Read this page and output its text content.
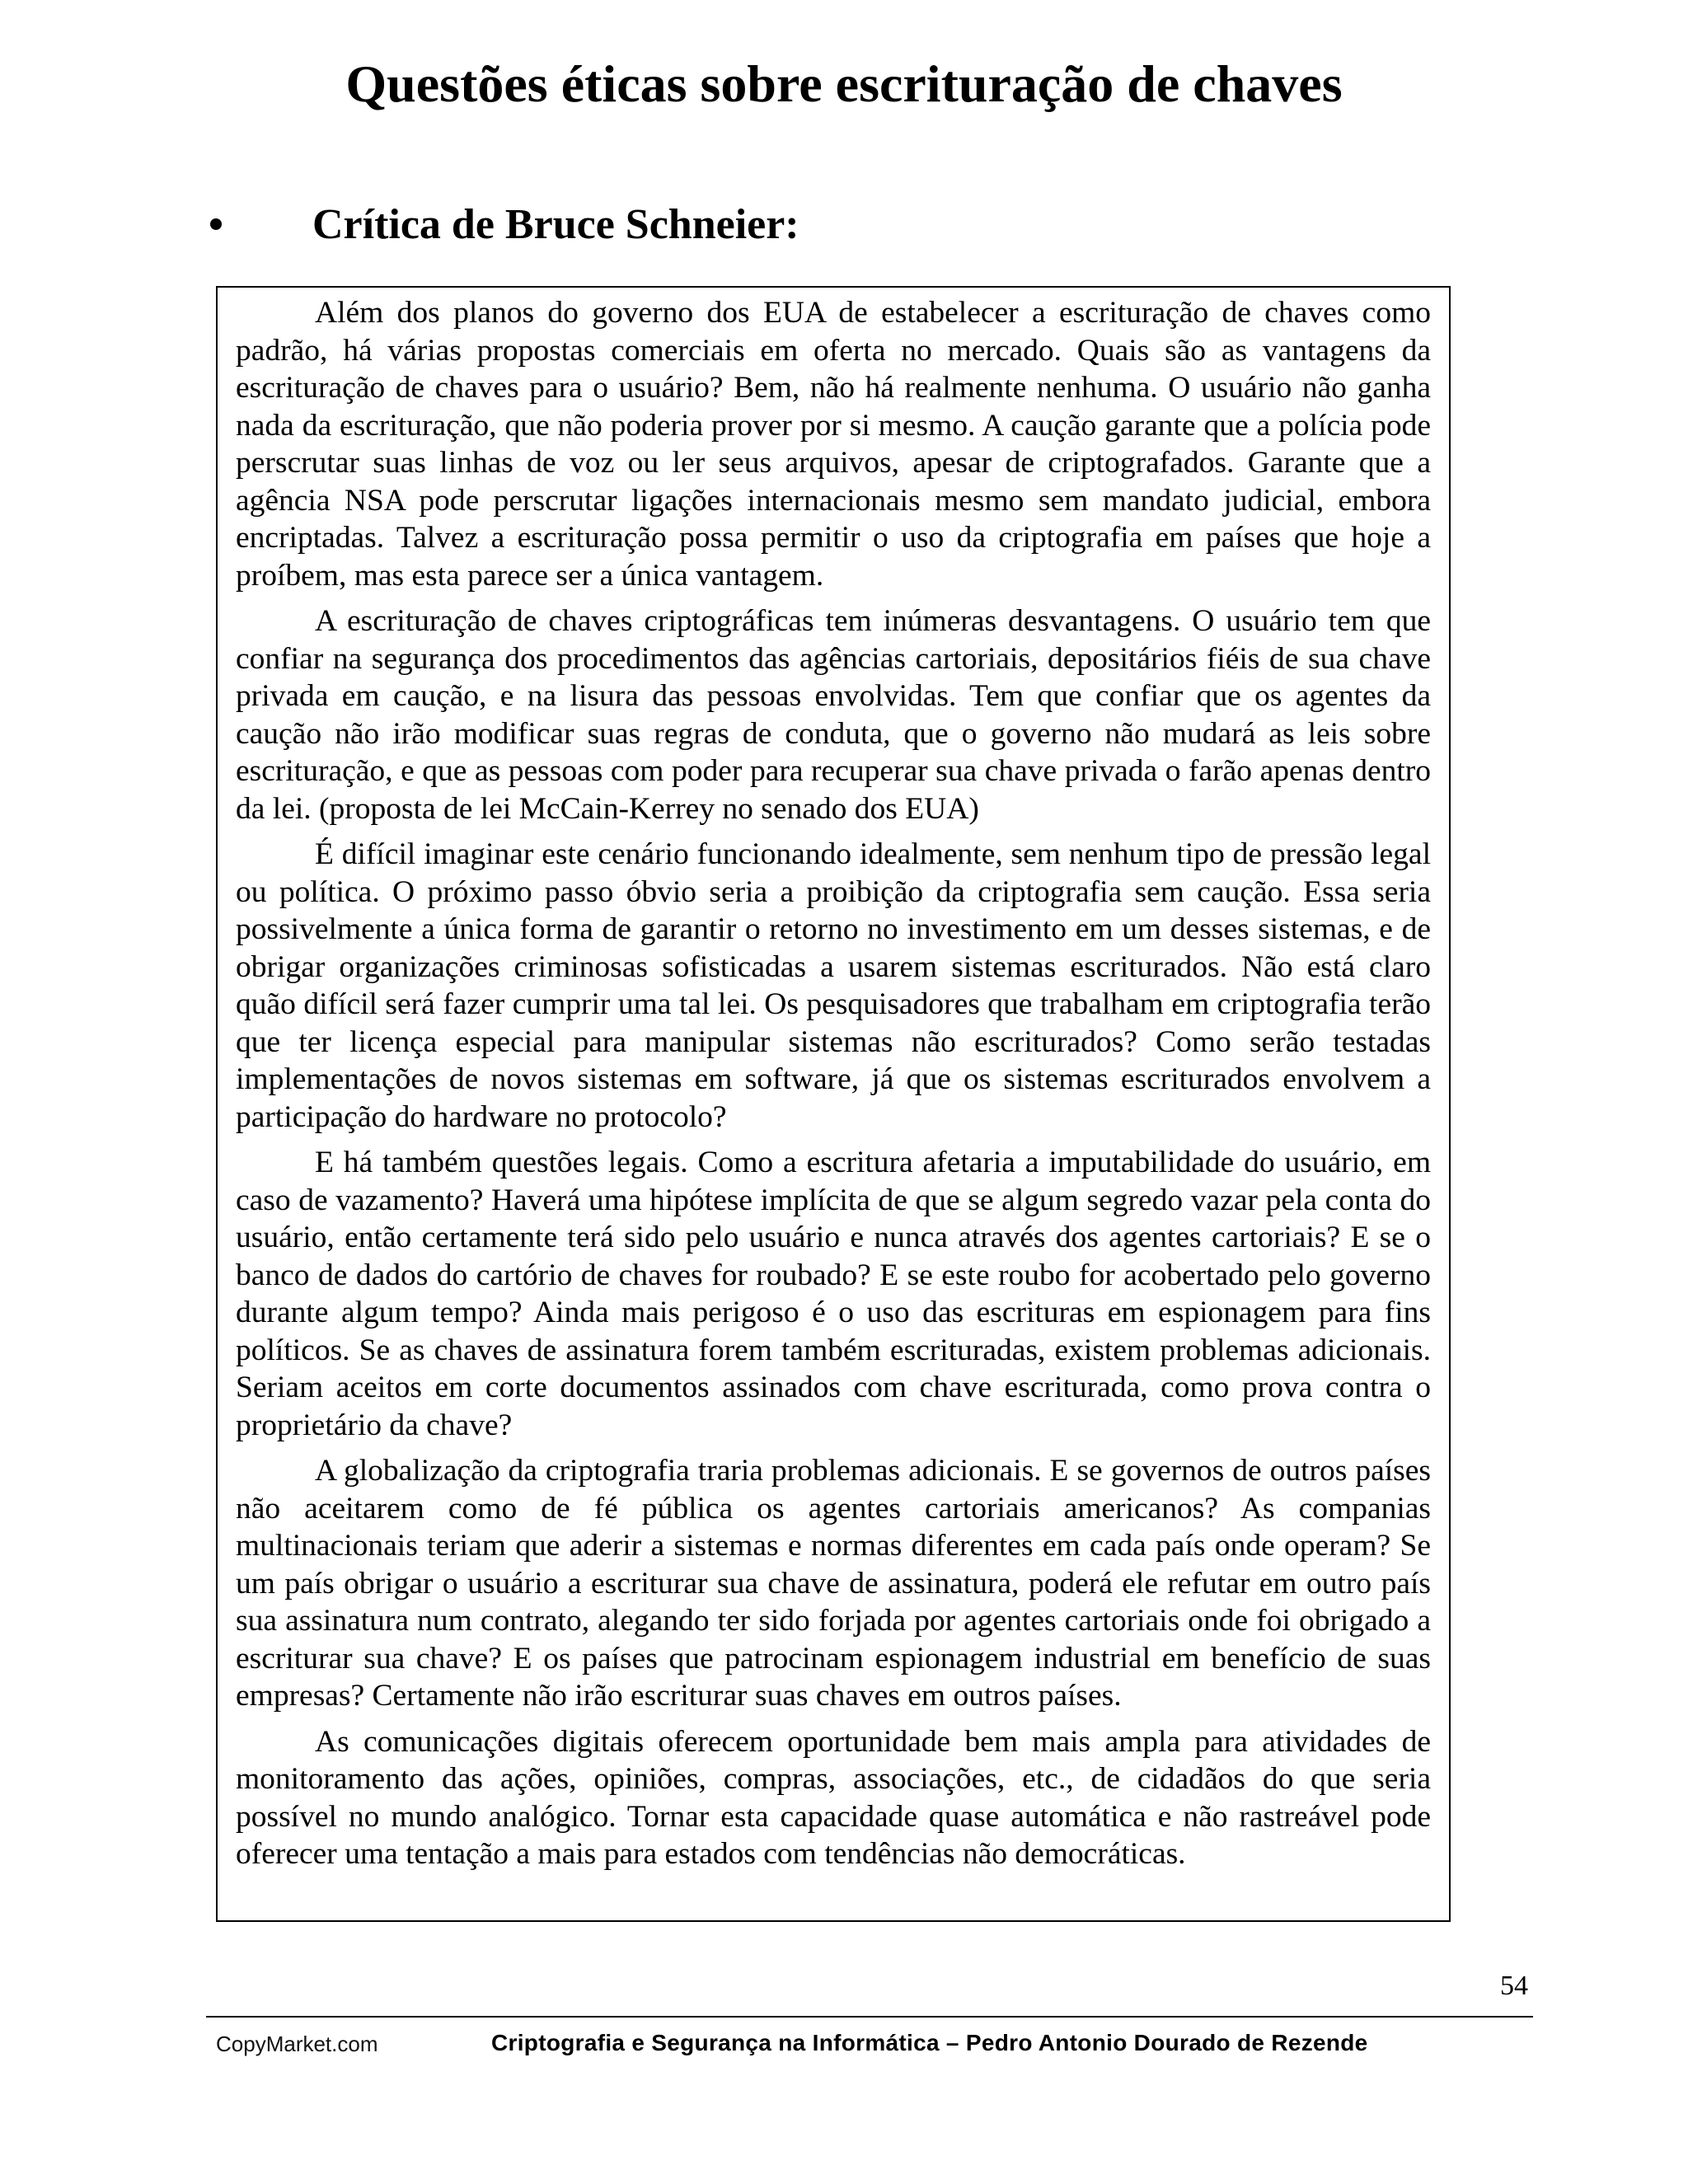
Questões éticas sobre escrituração de chaves
Crítica de Bruce Schneier:

Além dos planos do governo dos EUA de estabelecer a escrituração de chaves como padrão, há várias propostas comerciais em oferta no mercado. Quais são as vantagens da escrituração de chaves para o usuário? Bem, não há realmente nenhuma. O usuário não ganha nada da escrituração, que não poderia prover por si mesmo. A caução garante que a polícia pode perscrutar suas linhas de voz ou ler seus arquivos, apesar de criptografados. Garante que a agência NSA pode perscrutar ligações internacionais mesmo sem mandato judicial, embora encriptadas. Talvez a escrituração possa permitir o uso da criptografia em países que hoje a proíbem, mas esta parece ser a única vantagem.

A escrituração de chaves criptográficas tem inúmeras desvantagens. O usuário tem que confiar na segurança dos procedimentos das agências cartoriais, depositários fiéis de sua chave privada em caução, e na lisura das pessoas envolvidas. Tem que confiar que os agentes da caução não irão modificar suas regras de conduta, que o governo não mudará as leis sobre escrituração, e que as pessoas com poder para recuperar sua chave privada o farão apenas dentro da lei. (proposta de lei McCain-Kerrey no senado dos EUA)

É difícil imaginar este cenário funcionando idealmente, sem nenhum tipo de pressão legal ou política. O próximo passo óbvio seria a proibição da criptografia sem caução. Essa seria possivelmente a única forma de garantir o retorno no investimento em um desses sistemas, e de obrigar organizações criminosas sofisticadas a usarem sistemas escriturados. Não está claro quão difícil será fazer cumprir uma tal lei. Os pesquisadores que trabalham em criptografia terão que ter licença especial para manipular sistemas não escriturados? Como serão testadas implementações de novos sistemas em software, já que os sistemas escriturados envolvem a participação do hardware no protocolo?

E há também questões legais. Como a escritura afetaria a imputabilidade do usuário, em caso de vazamento? Haverá uma hipótese implícita de que se algum segredo vazar pela conta do usuário, então certamente terá sido pelo usuário e nunca através dos agentes cartoriais? E se o banco de dados do cartório de chaves for roubado? E se este roubo for acobertado pelo governo durante algum tempo? Ainda mais perigoso é o uso das escrituras em espionagem para fins políticos. Se as chaves de assinatura forem também escrituradas, existem problemas adicionais. Seriam aceitos em corte documentos assinados com chave escriturada, como prova contra o proprietário da chave?

A globalização da criptografia traria problemas adicionais. E se governos de outros países não aceitarem como de fé pública os agentes cartoriais americanos? As companias multinacionais teriam que aderir a sistemas e normas diferentes em cada país onde operam? Se um país obrigar o usuário a escriturar sua chave de assinatura, poderá ele refutar em outro país sua assinatura num contrato, alegando ter sido forjada por agentes cartoriais onde foi obrigado a escriturar sua chave? E os países que patrocinam espionagem industrial em benefício de suas empresas? Certamente não irão escriturar suas chaves em outros países.

As comunicações digitais oferecem oportunidade bem mais ampla para atividades de monitoramento das ações, opiniões, compras, associações, etc., de cidadãos do que seria possível no mundo analógico. Tornar esta capacidade quase automática e não rastreável pode oferecer uma tentação a mais para estados com tendências não democráticas.

54
CopyMarket.com	Criptografia e Segurança na Informática – Pedro Antonio Dourado de Rezende
